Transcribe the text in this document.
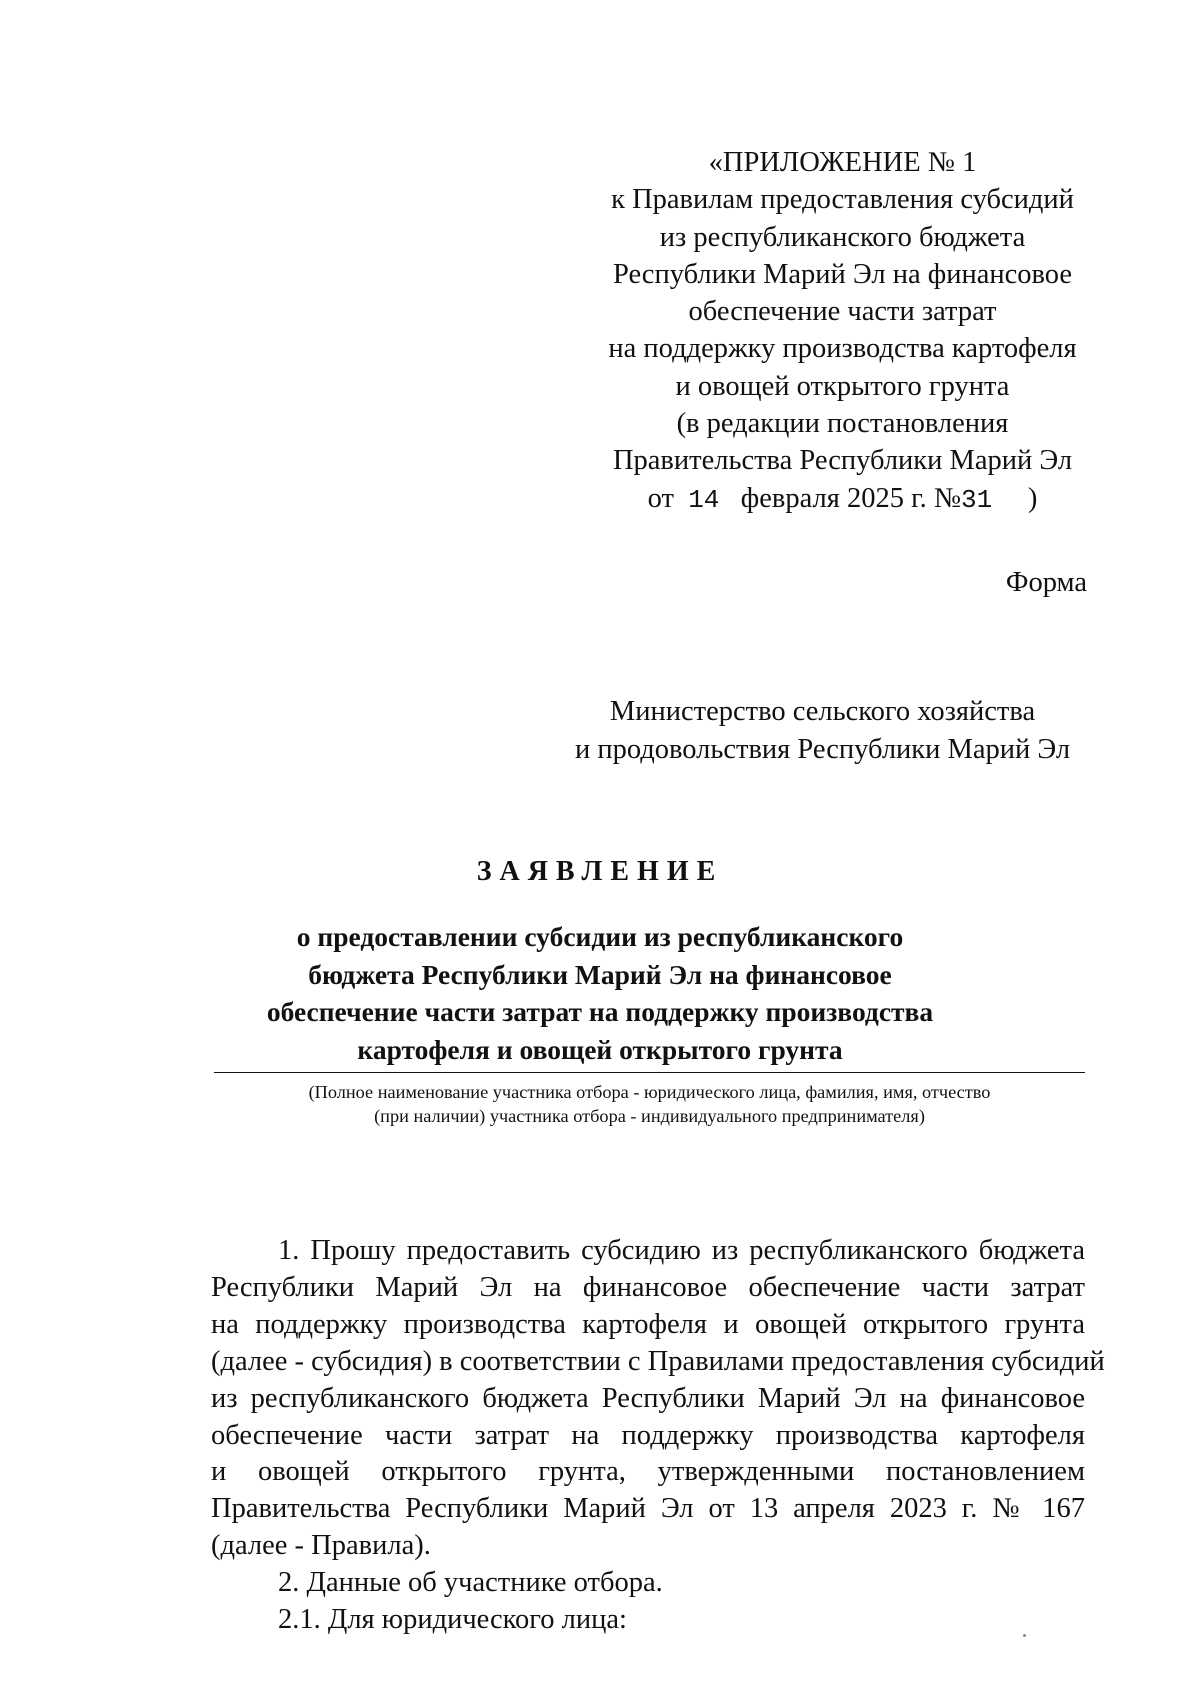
«ПРИЛОЖЕНИЕ № 1
к Правилам предоставления субсидий
из республиканского бюджета
Республики Марий Эл на финансовое
обеспечение части затрат
на поддержку производства картофеля
и овощей открытого грунта
(в редакции постановления
Правительства Республики Марий Эл
от 14 февраля 2025 г. №31 )
Форма
Министерство сельского хозяйства
и продовольствия Республики Марий Эл
ЗАЯВЛЕНИЕ
о предоставлении субсидии из республиканского
бюджета Республики Марий Эл на финансовое
обеспечение части затрат на поддержку производства
картофеля и овощей открытого грунта
(Полное наименование участника отбора - юридического лица, фамилия, имя, отчество
(при наличии) участника отбора - индивидуального предпринимателя)
1. Прошу предоставить субсидию из республиканского бюджета
Республики Марий Эл на финансовое обеспечение части затрат
на поддержку производства картофеля и овощей открытого грунта
(далее - субсидия) в соответствии с Правилами предоставления субсидий
из республиканского бюджета Республики Марий Эл на финансовое
обеспечение части затрат на поддержку производства картофеля
и овощей открытого грунта, утвержденными постановлением
Правительства Республики Марий Эл от 13 апреля 2023 г. № 167
(далее - Правила).
2. Данные об участнике отбора.
2.1. Для юридического лица:
